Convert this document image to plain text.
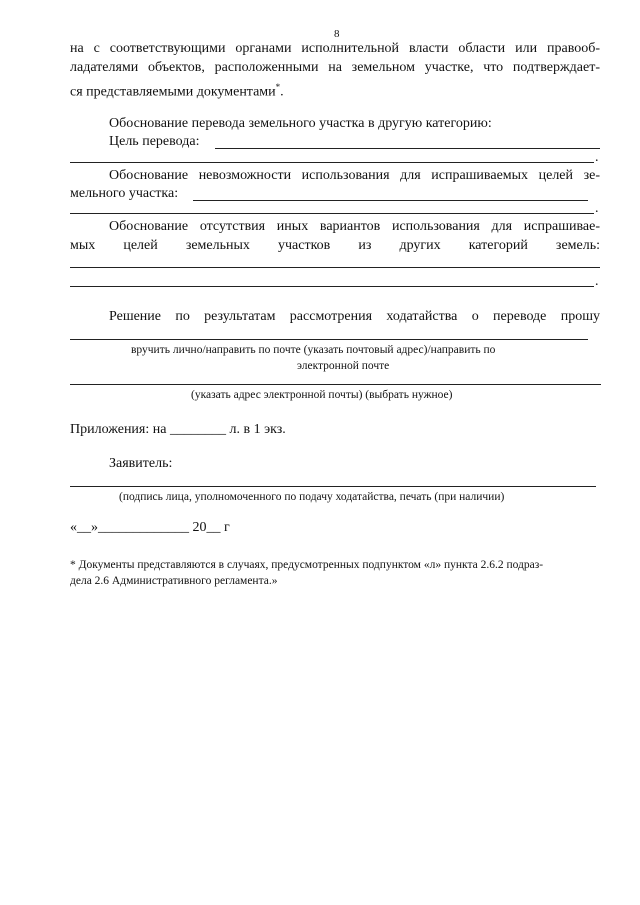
8
на с соответствующими органами исполнительной власти области или правооб-
ладателями объектов, расположенными на земельном участке, что подтверждает-
ся представляемыми документами*.
Обоснование перевода земельного участка в другую категорию:
Цель перевода:
.
Обоснование невозможности использования для испрашиваемых целей зе-
мельного участка:
.
Обоснование отсутствия иных вариантов использования для испрашивае-
мых целей земельных участков из других категорий земель:
.
Решение по результатам рассмотрения ходатайства о переводе прошу
вручить лично/направить по почте (указать почтовый адрес)/направить по
электронной почте
(указать адрес электронной почты) (выбрать нужное)
Приложения: на ________ л. в 1 экз.
Заявитель:
(подпись лица, уполномоченного по подачу ходатайства, печать (при наличии)
«__»_____________ 20__ г
* Документы представляются в случаях, предусмотренных подпунктом «л» пункта 2.6.2 подраз-
дела 2.6 Административного регламента.»
